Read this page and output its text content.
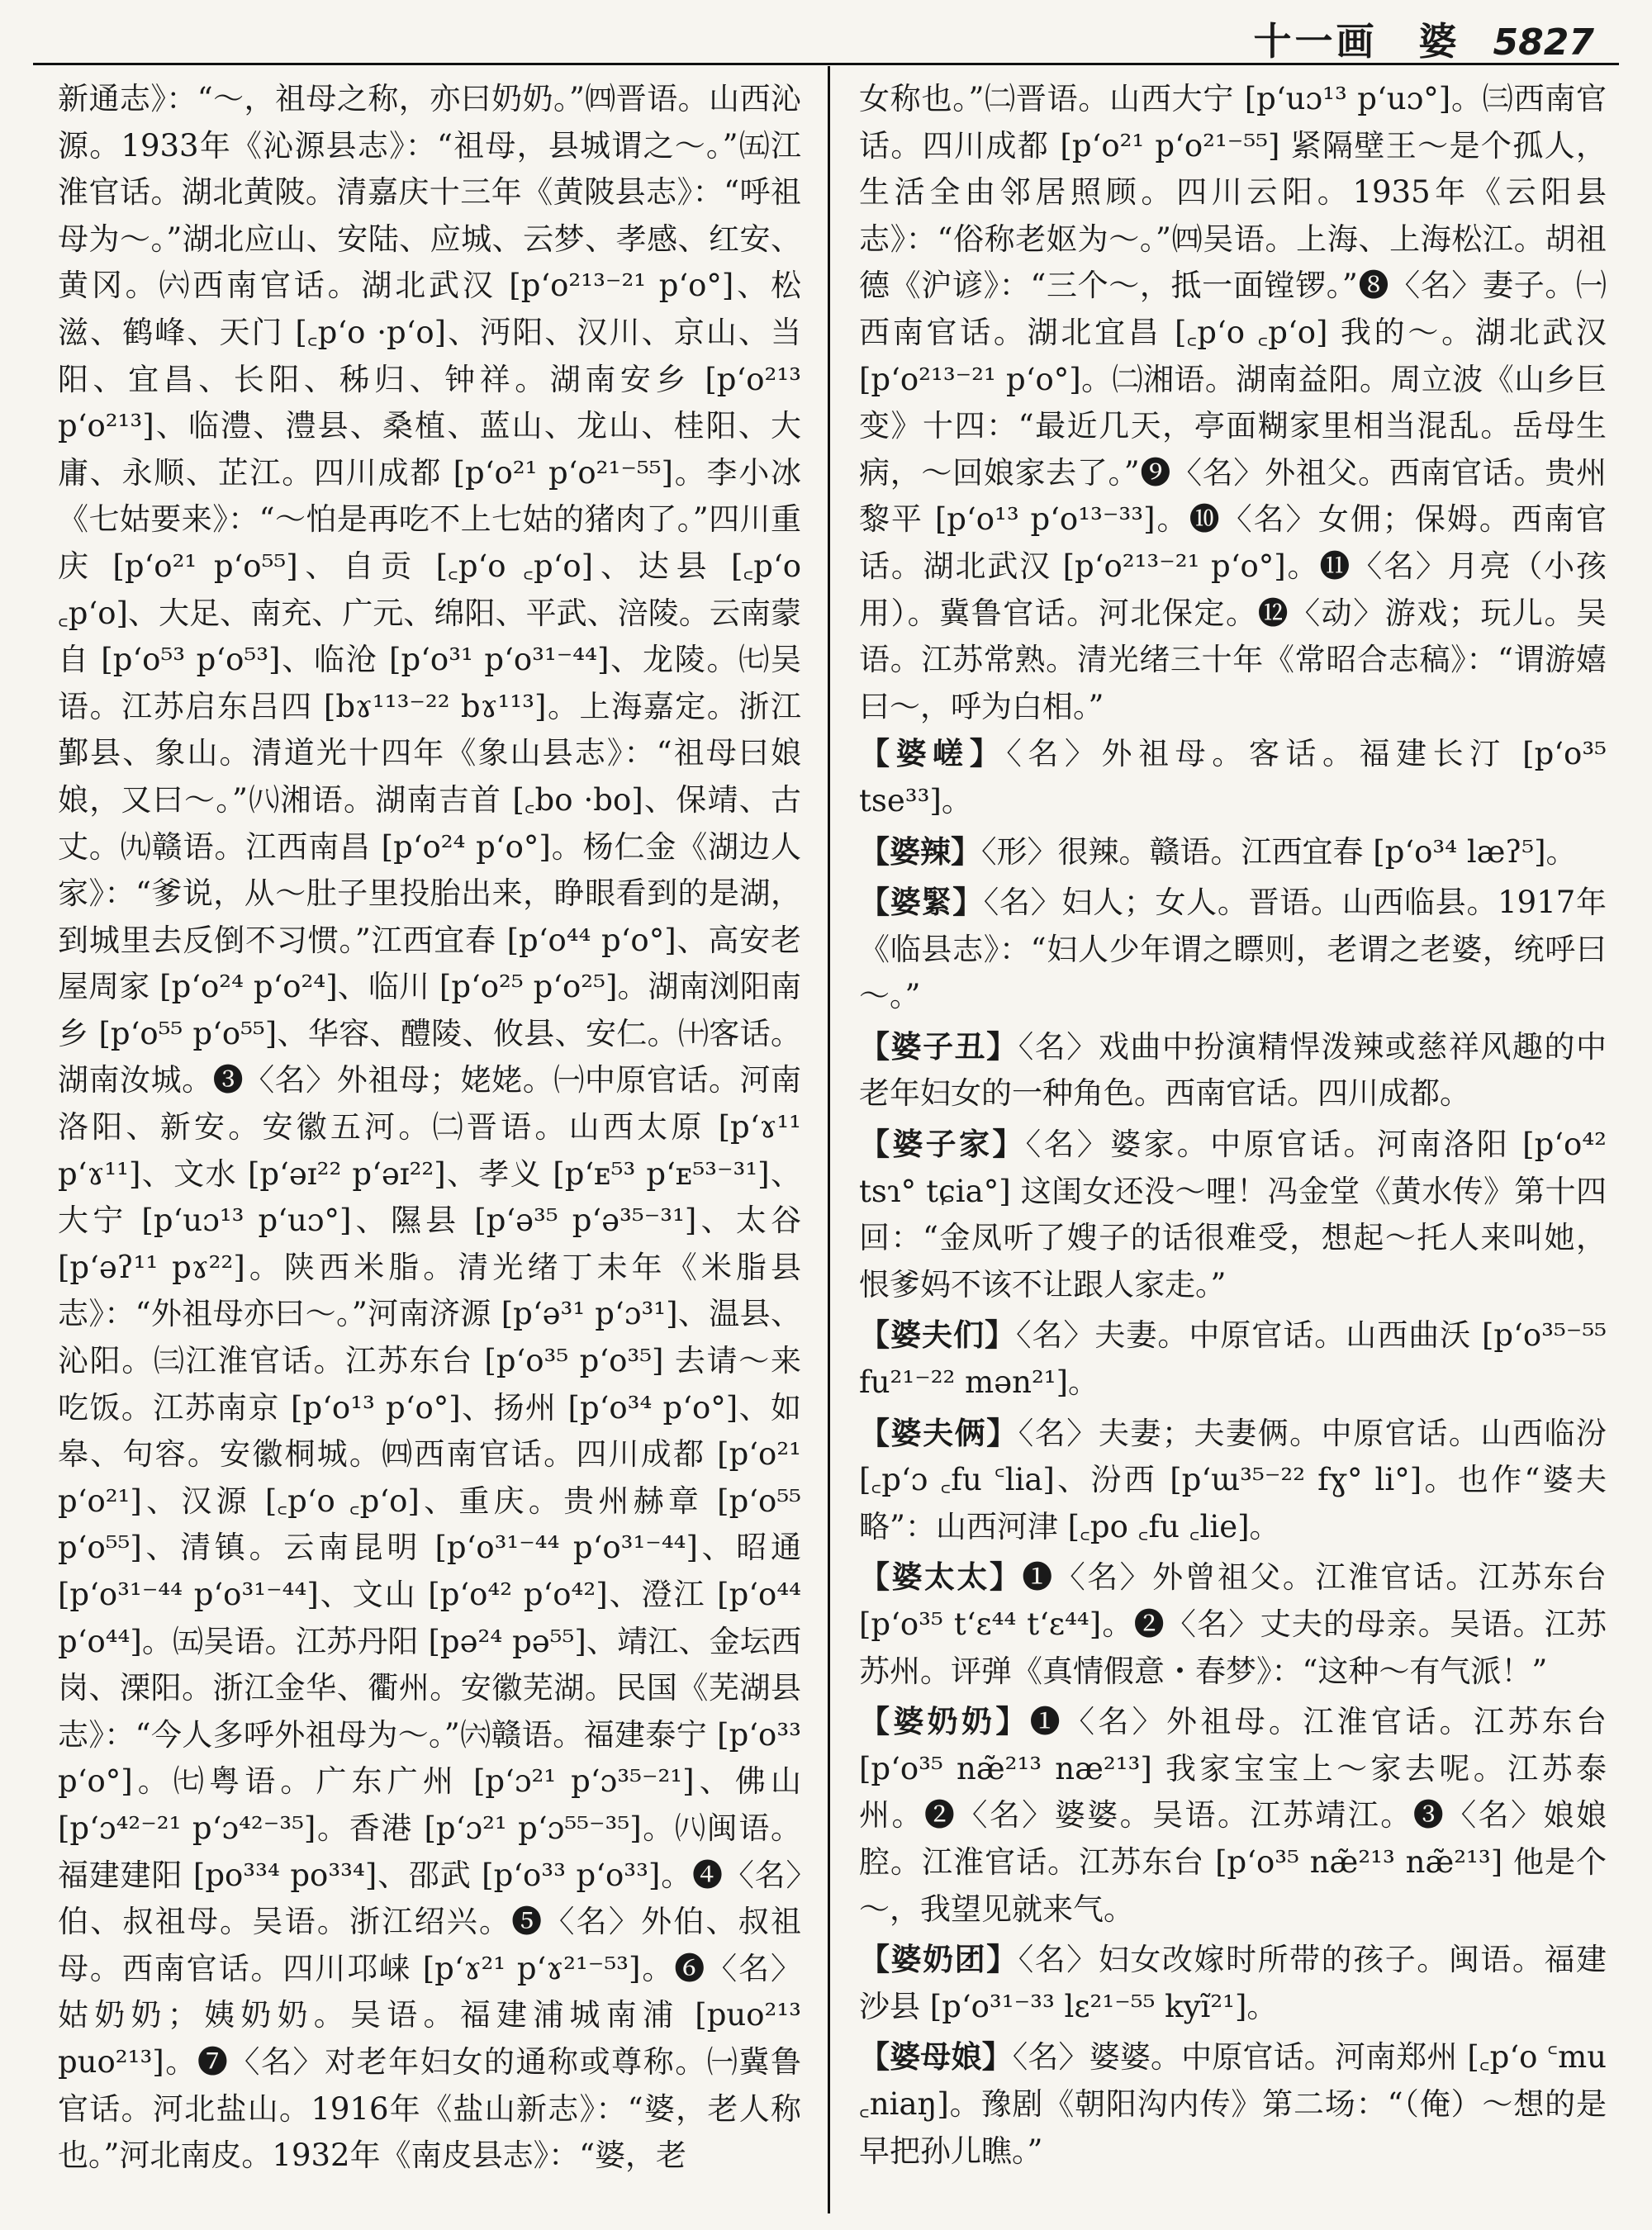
十一画　婆 5827

新通志》：“～，祖母之称，亦曰奶奶。”㈣晋语。山西沁源。1933年《沁源县志》：“祖母，县城谓之～。”㈤江淮官话。湖北黄陂。清嘉庆十三年《黄陂县志》：“呼祖母为～。”湖北应山、安陆、应城、云梦、孝感、红安、黄冈。㈥西南官话。湖北武汉 [p‘o²¹³⁻²¹ p‘o°]、松滋、鹤峰、天门 [꜀p‘o ·p‘o]、沔阳、汉川、京山、当阳、宜昌、长阳、秭归、钟祥。湖南安乡 [p‘o²¹³ p‘o²¹³]、临澧、澧县、桑植、蓝山、龙山、桂阳、大庸、永顺、芷江。四川成都 [p‘o²¹ p‘o²¹⁻⁵⁵]。李小冰《七姑要来》：“～怕是再吃不上七姑的猪肉了。”四川重庆 [p‘o²¹ p‘o⁵⁵]、自贡 [꜀p‘o ꜀p‘o]、达县 [꜀p‘o ꜀p‘o]、大足、南充、广元、绵阳、平武、涪陵。云南蒙自 [p‘o⁵³ p‘o⁵³]、临沧 [p‘o³¹ p‘o³¹⁻⁴⁴]、龙陵。㈦吴语。江苏启东吕四 [bɤ¹¹³⁻²² bɤ¹¹³]。上海嘉定。浙江鄞县、象山。清道光十四年《象山县志》：“祖母曰娘娘，又曰～。”㈧湘语。湖南吉首 [꜀bo ·bo]、保靖、古丈。㈨赣语。江西南昌 [p‘o²⁴ p‘o°]。杨仁金《湖边人家》：“爹说，从～肚子里投胎出来，睁眼看到的是湖，到城里去反倒不习惯。”江西宜春 [p‘o⁴⁴ p‘o°]、高安老屋周家 [p‘o²⁴ p‘o²⁴]、临川 [p‘o²⁵ p‘o²⁵]。湖南浏阳南乡 [p‘o⁵⁵ p‘o⁵⁵]、华容、醴陵、攸县、安仁。㈩客话。湖南汝城。❸〈名〉外祖母；姥姥。㈠中原官话。河南洛阳、新安。安徽五河。㈡晋语。山西太原 [p‘ɤ¹¹ p‘ɤ¹¹]、文水 [p‘əɪ²² p‘əɪ²²]、孝义 [p‘ᴇ⁵³ p‘ᴇ⁵³⁻³¹]、大宁 [p‘uɔ¹³ p‘uɔ°]、隰县 [p‘ə³⁵ p‘ə³⁵⁻³¹]、太谷 [p‘əʔ¹¹ pɤ²²]。陕西米脂。清光绪丁未年《米脂县志》：“外祖母亦曰～。”河南济源 [p‘ə³¹ p‘ɔ³¹]、温县、沁阳。㈢江淮官话。江苏东台 [p‘o³⁵ p‘o³⁵] 去请～来吃饭。江苏南京 [p‘o¹³ p‘o°]、扬州 [p‘o³⁴ p‘o°]、如皋、句容。安徽桐城。㈣西南官话。四川成都 [p‘o²¹ p‘o²¹]、汉源 [꜀p‘o ꜀p‘o]、重庆。贵州赫章 [p‘o⁵⁵ p‘o⁵⁵]、清镇。云南昆明 [p‘o³¹⁻⁴⁴ p‘o³¹⁻⁴⁴]、昭通 [p‘o³¹⁻⁴⁴ p‘o³¹⁻⁴⁴]、文山 [p‘o⁴² p‘o⁴²]、澄江 [p‘o⁴⁴ p‘o⁴⁴]。㈤吴语。江苏丹阳 [pə²⁴ pə⁵⁵]、靖江、金坛西岗、溧阳。浙江金华、衢州。安徽芜湖。民国《芜湖县志》：“今人多呼外祖母为～。”㈥赣语。福建泰宁 [p‘o³³ p‘o°]。㈦粤语。广东广州 [p‘ɔ²¹ p‘ɔ³⁵⁻²¹]、佛山 [p‘ɔ⁴²⁻²¹ p‘ɔ⁴²⁻³⁵]。香港 [p‘ɔ²¹ p‘ɔ⁵⁵⁻³⁵]。㈧闽语。福建建阳 [po³³⁴ po³³⁴]、邵武 [p‘o³³ p‘o³³]。❹〈名〉伯、叔祖母。吴语。浙江绍兴。❺〈名〉外伯、叔祖母。西南官话。四川邛崃 [p‘ɤ²¹ p‘ɤ²¹⁻⁵³]。❻〈名〉姑奶奶；姨奶奶。吴语。福建浦城南浦 [puo²¹³ puo²¹³]。❼〈名〉对老年妇女的通称或尊称。㈠冀鲁官话。河北盐山。1916年《盐山新志》：“婆，老人称也。”河北南皮。1932年《南皮县志》：“婆，老

女称也。”㈡晋语。山西大宁 [p‘uɔ¹³ p‘uɔ°]。㈢西南官话。四川成都 [p‘o²¹ p‘o²¹⁻⁵⁵] 紧隔壁王～是个孤人，生活全由邻居照顾。四川云阳。1935年《云阳县志》：“俗称老妪为～。”㈣吴语。上海、上海松江。胡祖德《沪谚》：“三个～，抵一面镗锣。”❽〈名〉妻子。㈠西南官话。湖北宜昌 [꜀p‘o ꜀p‘o] 我的～。湖北武汉 [p‘o²¹³⁻²¹ p‘o°]。㈡湘语。湖南益阳。周立波《山乡巨变》十四：“最近几天，亭面糊家里相当混乱。岳母生病，～回娘家去了。”❾〈名〉外祖父。西南官话。贵州黎平 [p‘o¹³ p‘o¹³⁻³³]。❿〈名〉女佣；保姆。西南官话。湖北武汉 [p‘o²¹³⁻²¹ p‘o°]。⓫〈名〉月亮（小孩用）。冀鲁官话。河北保定。⓬〈动〉游戏；玩儿。吴语。江苏常熟。清光绪三十年《常昭合志稿》：“谓游嬉曰～，呼为白相。”

【婆嵯】〈名〉外祖母。客话。福建长汀 [p‘o³⁵ tse³³]。

【婆辣】〈形〉很辣。赣语。江西宜春 [p‘o³⁴ læʔ⁵]。

【婆緊】〈名〉妇人；女人。晋语。山西临县。1917年《临县志》：“妇人少年谓之瞟则，老谓之老婆，统呼曰～。”

【婆子丑】〈名〉戏曲中扮演精悍泼辣或慈祥风趣的中老年妇女的一种角色。西南官话。四川成都。

【婆子家】〈名〉婆家。中原官话。河南洛阳 [p‘o⁴² tsɿ° tɕia°] 这闺女还没～哩！冯金堂《黄水传》第十四回：“金凤听了嫂子的话很难受，想起～托人来叫她，恨爹妈不该不让跟人家走。”

【婆夫们】〈名〉夫妻。中原官话。山西曲沃 [p‘o³⁵⁻⁵⁵ fu²¹⁻²² mən²¹]。

【婆夫俩】〈名〉夫妻；夫妻俩。中原官话。山西临汾 [꜀p‘ɔ ꜀fu ꜂lia]、汾西 [p‘ɯ³⁵⁻²² fɣ° li°]。也作“婆夫略”：山西河津 [꜀po ꜀fu ꜀lie]。

【婆太太】❶〈名〉外曾祖父。江淮官话。江苏东台 [p‘o³⁵ t‘ɛ⁴⁴ t‘ɛ⁴⁴]。❷〈名〉丈夫的母亲。吴语。江苏苏州。评弹《真情假意・春梦》：“这种～有气派！”

【婆奶奶】❶〈名〉外祖母。江淮官话。江苏东台 [p‘o³⁵ næ̃²¹³ næ²¹³] 我家宝宝上～家去呢。江苏泰州。❷〈名〉婆婆。吴语。江苏靖江。❸〈名〉娘娘腔。江淮官话。江苏东台 [p‘o³⁵ næ̃²¹³ næ̃²¹³] 他是个～，我望见就来气。

【婆奶团】〈名〉妇女改嫁时所带的孩子。闽语。福建沙县 [p‘o³¹⁻³³ lɛ²¹⁻⁵⁵ kyĩ²¹]。

【婆母娘】〈名〉婆婆。中原官话。河南郑州 [꜀p‘o ꜂mu ꜀niaŋ]。豫剧《朝阳沟内传》第二场：“（俺）～想的是早把孙儿瞧。”
